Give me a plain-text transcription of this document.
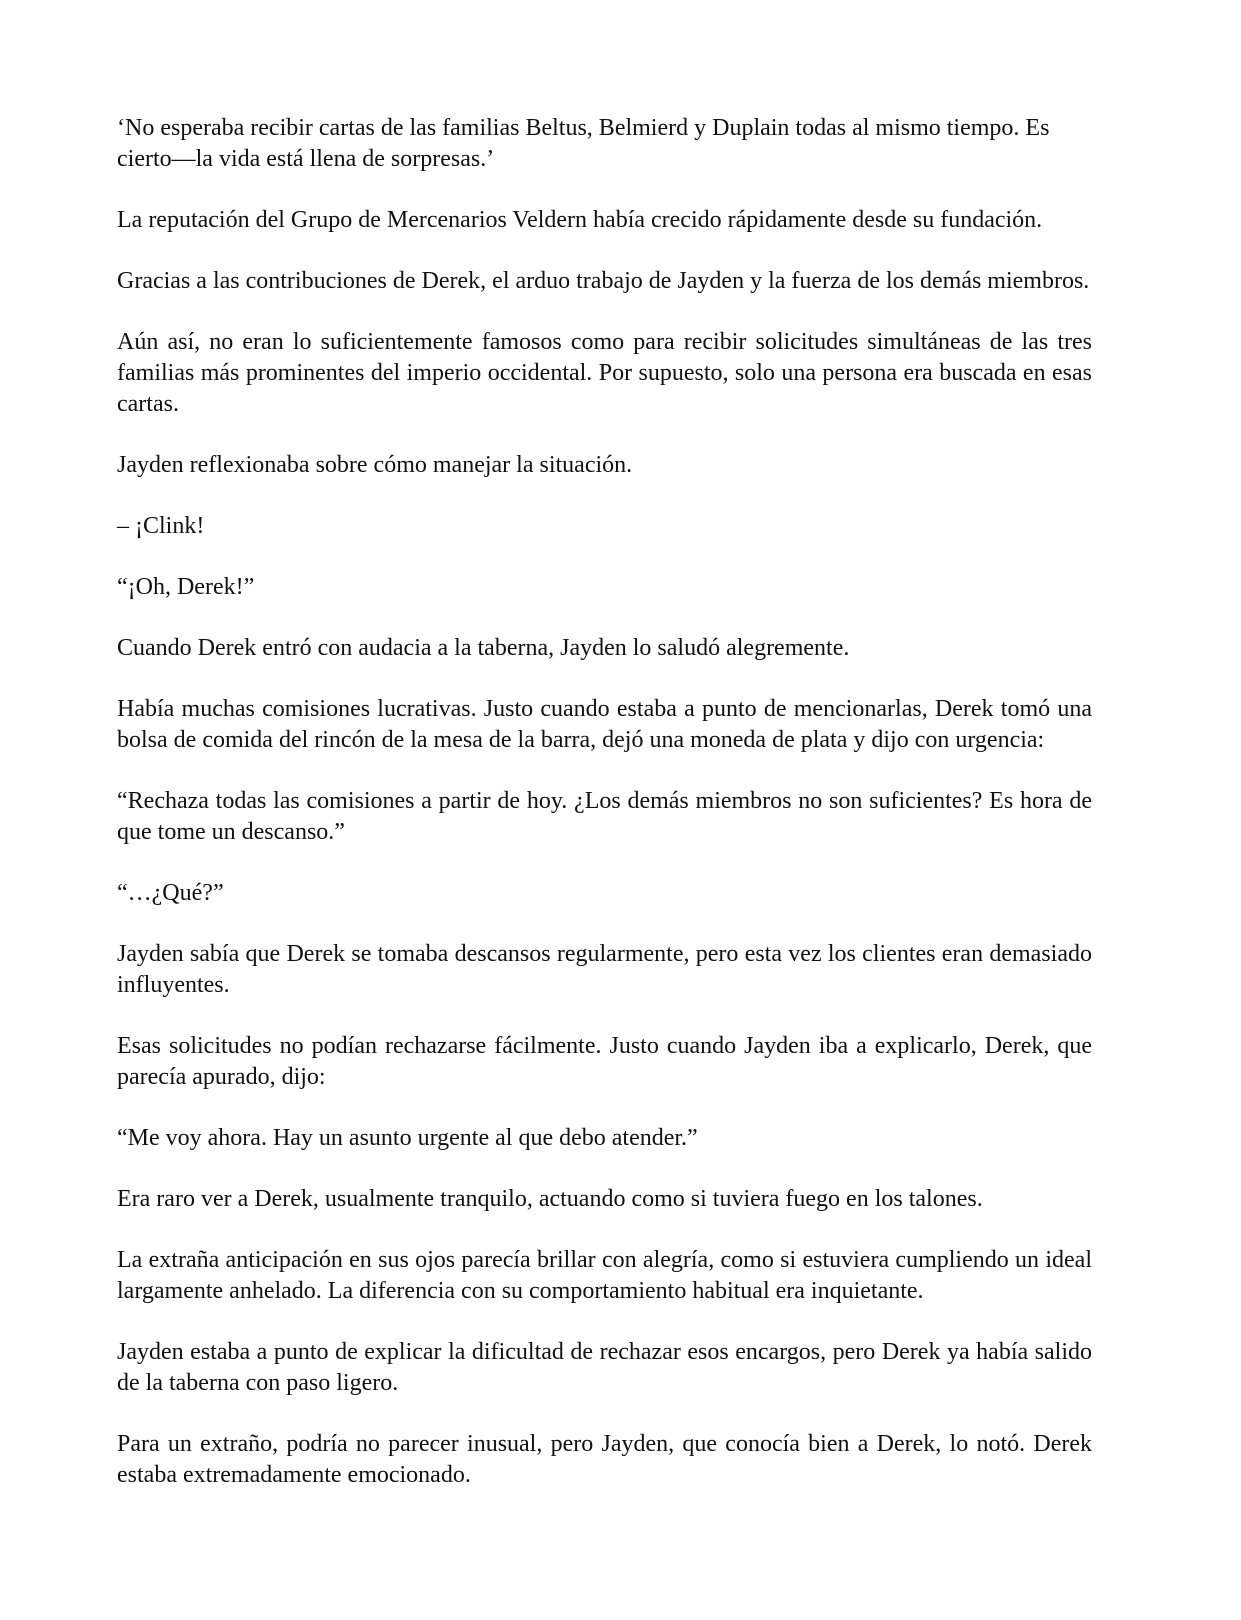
‘No esperaba recibir cartas de las familias Beltus, Belmierd y Duplain todas al mismo tiempo. Es cierto—la vida está llena de sorpresas.’

La reputación del Grupo de Mercenarios Veldern había crecido rápidamente desde su fundación.

Gracias a las contribuciones de Derek, el arduo trabajo de Jayden y la fuerza de los demás miembros.

Aún así, no eran lo suficientemente famosos como para recibir solicitudes simultáneas de las tres familias más prominentes del imperio occidental. Por supuesto, solo una persona era buscada en esas cartas.

Jayden reflexionaba sobre cómo manejar la situación.

– ¡Clink!

“¡Oh, Derek!”

Cuando Derek entró con audacia a la taberna, Jayden lo saludó alegremente.

Había muchas comisiones lucrativas. Justo cuando estaba a punto de mencionarlas, Derek tomó una bolsa de comida del rincón de la mesa de la barra, dejó una moneda de plata y dijo con urgencia:

“Rechaza todas las comisiones a partir de hoy. ¿Los demás miembros no son suficientes? Es hora de que tome un descanso.”

“…¿Qué?”

Jayden sabía que Derek se tomaba descansos regularmente, pero esta vez los clientes eran demasiado influyentes.

Esas solicitudes no podían rechazarse fácilmente. Justo cuando Jayden iba a explicarlo, Derek, que parecía apurado, dijo:

“Me voy ahora. Hay un asunto urgente al que debo atender.”

Era raro ver a Derek, usualmente tranquilo, actuando como si tuviera fuego en los talones.

La extraña anticipación en sus ojos parecía brillar con alegría, como si estuviera cumpliendo un ideal largamente anhelado. La diferencia con su comportamiento habitual era inquietante.

Jayden estaba a punto de explicar la dificultad de rechazar esos encargos, pero Derek ya había salido de la taberna con paso ligero.

Para un extraño, podría no parecer inusual, pero Jayden, que conocía bien a Derek, lo notó. Derek estaba extremadamente emocionado.
